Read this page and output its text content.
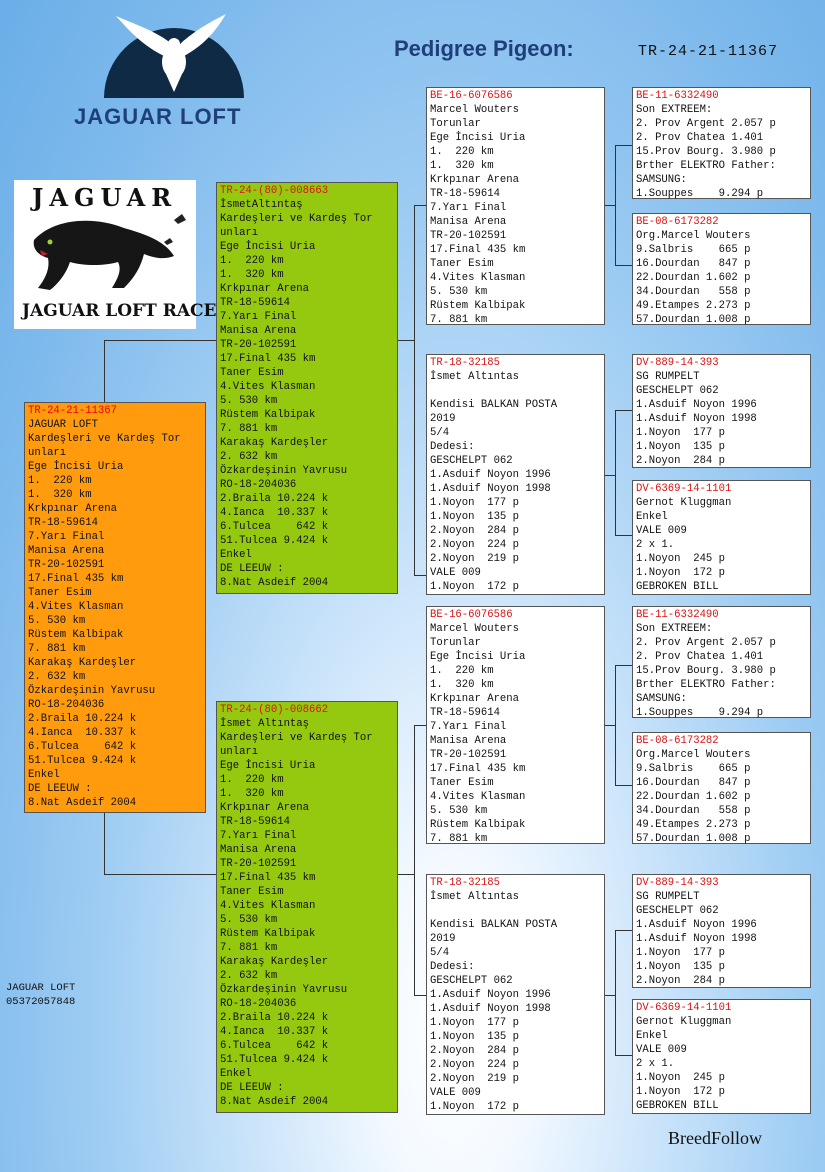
JAGUAR LOFT
Pedigree Pigeon:	TR-24-21-11367
JAGUAR
JAGUAR LOFT RACE
TR-24-21-11367
JAGUAR LOFT
Kardeşleri ve Kardeş Tor
unları
Ege İncisi Uria
1.  220 km
1.  320 km
Krkpınar Arena
TR-18-59614
7.Yarı Final
Manisa Arena
TR-20-102591
17.Final 435 km
Taner Esim
4.Vites Klasman
5. 530 km
Rüstem Kalbipak
7. 881 km
Karakaş Kardeşler
2. 632 km
Özkardeşinin Yavrusu
RO-18-204036
2.Braila 10.224 k
4.Ianca  10.337 k
6.Tulcea    642 k
51.Tulcea 9.424 k
Enkel
DE LEEUW :
8.Nat Asdeif 2004
TR-24-(80)-008663
İsmetAltıntaş
Kardeşleri ve Kardeş Tor
unları
Ege İncisi Uria
1.  220 km
1.  320 km
Krkpınar Arena
TR-18-59614
7.Yarı Final
Manisa Arena
TR-20-102591
17.Final 435 km
Taner Esim
4.Vites Klasman
5. 530 km
Rüstem Kalbipak
7. 881 km
Karakaş Kardeşler
2. 632 km
Özkardeşinin Yavrusu
RO-18-204036
2.Braila 10.224 k
4.Ianca  10.337 k
6.Tulcea    642 k
51.Tulcea 9.424 k
Enkel
DE LEEUW :
8.Nat Asdeif 2004
TR-24-(80)-008662
İsmet Altıntaş
Kardeşleri ve Kardeş Tor
unları
Ege İncisi Uria
1.  220 km
1.  320 km
Krkpınar Arena
TR-18-59614
7.Yarı Final
Manisa Arena
TR-20-102591
17.Final 435 km
Taner Esim
4.Vites Klasman
5. 530 km
Rüstem Kalbipak
7. 881 km
Karakaş Kardeşler
2. 632 km
Özkardeşinin Yavrusu
RO-18-204036
2.Braila 10.224 k
4.Ianca  10.337 k
6.Tulcea    642 k
51.Tulcea 9.424 k
Enkel
DE LEEUW :
8.Nat Asdeif 2004
BE-16-6076586
Marcel Wouters
Torunlar
Ege İncisi Uria
1.  220 km
1.  320 km
Krkpınar Arena
TR-18-59614
7.Yarı Final
Manisa Arena
TR-20-102591
17.Final 435 km
Taner Esim
4.Vites Klasman
5. 530 km
Rüstem Kalbipak
7. 881 km
TR-18-32185
İsmet Altıntas

Kendisi BALKAN POSTA
2019
5/4
Dedesi:
GESCHELPT 062
1.Asduif Noyon 1996
1.Asduif Noyon 1998
1.Noyon  177 p
1.Noyon  135 p
2.Noyon  284 p
2.Noyon  224 p
2.Noyon  219 p
VALE 009
1.Noyon  172 p
BE-16-6076586
Marcel Wouters
Torunlar
Ege İncisi Uria
1.  220 km
1.  320 km
Krkpınar Arena
TR-18-59614
7.Yarı Final
Manisa Arena
TR-20-102591
17.Final 435 km
Taner Esim
4.Vites Klasman
5. 530 km
Rüstem Kalbipak
7. 881 km
TR-18-32185
İsmet Altıntas

Kendisi BALKAN POSTA
2019
5/4
Dedesi:
GESCHELPT 062
1.Asduif Noyon 1996
1.Asduif Noyon 1998
1.Noyon  177 p
1.Noyon  135 p
2.Noyon  284 p
2.Noyon  224 p
2.Noyon  219 p
VALE 009
1.Noyon  172 p
BE-11-6332490
Son EXTREEM:
2. Prov Argent 2.057 p
2. Prov Chatea 1.401
15.Prov Bourg. 3.980 p
Brther ELEKTRO Father:
SAMSUNG:
1.Souppes    9.294 p
BE-08-6173282
Org.Marcel Wouters
9.Salbris    665 p
16.Dourdan   847 p
22.Dourdan 1.602 p
34.Dourdan   558 p
49.Etampes 2.273 p
57.Dourdan 1.008 p
DV-889-14-393
SG RUMPELT
GESCHELPT 062
1.Asduif Noyon 1996
1.Asduif Noyon 1998
1.Noyon  177 p
1.Noyon  135 p
2.Noyon  284 p
DV-6369-14-1101
Gernot Kluggman
Enkel
VALE 009
2 x 1.
1.Noyon  245 p
1.Noyon  172 p
GEBROKEN BILL
BE-11-6332490
Son EXTREEM:
2. Prov Argent 2.057 p
2. Prov Chatea 1.401
15.Prov Bourg. 3.980 p
Brther ELEKTRO Father:
SAMSUNG:
1.Souppes    9.294 p
BE-08-6173282
Org.Marcel Wouters
9.Salbris    665 p
16.Dourdan   847 p
22.Dourdan 1.602 p
34.Dourdan   558 p
49.Etampes 2.273 p
57.Dourdan 1.008 p
DV-889-14-393
SG RUMPELT
GESCHELPT 062
1.Asduif Noyon 1996
1.Asduif Noyon 1998
1.Noyon  177 p
1.Noyon  135 p
2.Noyon  284 p
DV-6369-14-1101
Gernot Kluggman
Enkel
VALE 009
2 x 1.
1.Noyon  245 p
1.Noyon  172 p
GEBROKEN BILL
JAGUAR LOFT
05372057848
BreedFollow
